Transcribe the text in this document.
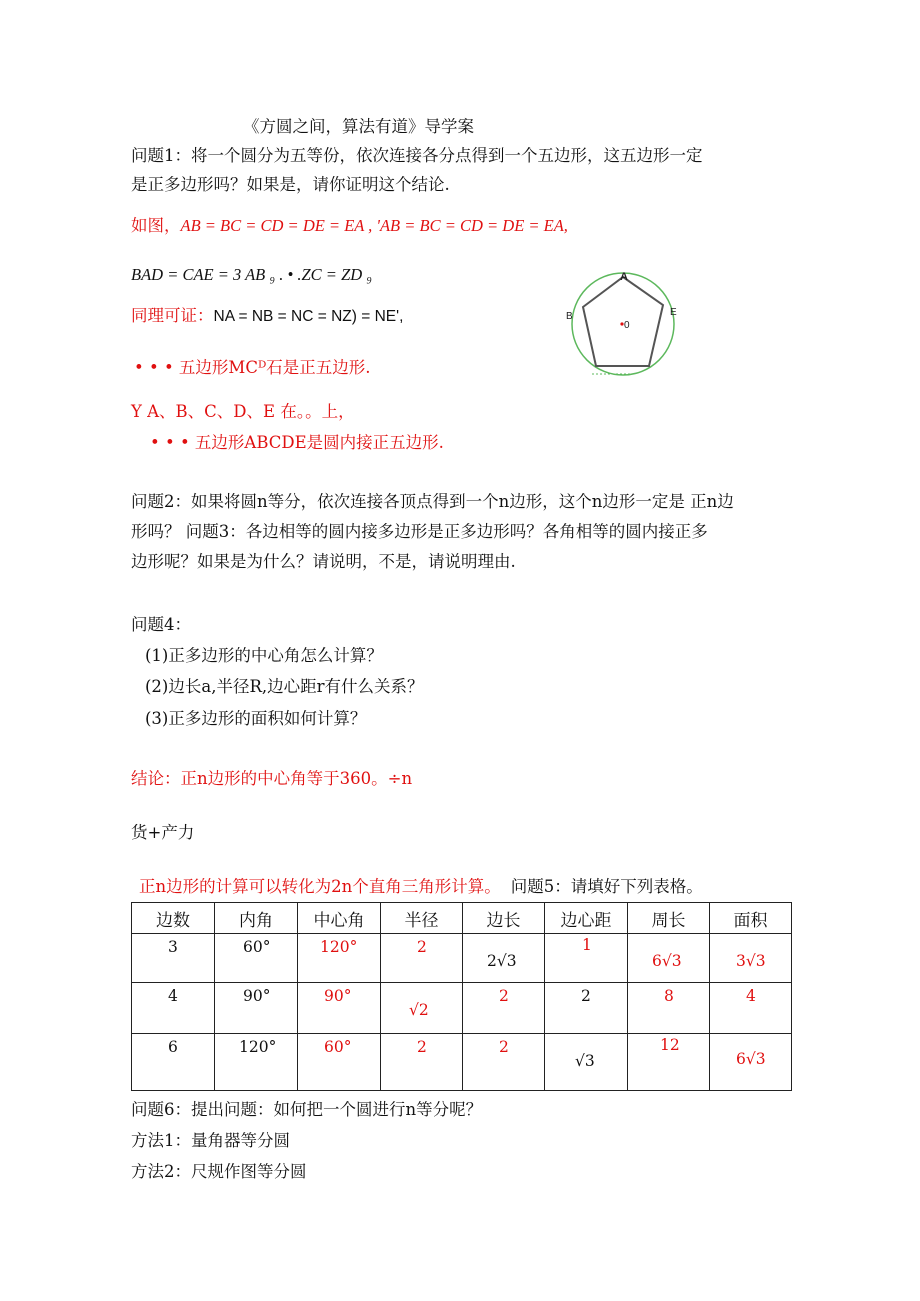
《方圆之间，算法有道》导学案
问题1：将一个圆分为五等份，依次连接各分点得到一个五边形，这五边形一定
是正多边形吗？如果是，请你证明这个结论.
如图，AB = BC = CD = DE = EA , 'AB = BC = CD = DE = EA,
BAD = CAE = 3 AB ₉ . • .ZC = ZD ₉
同理可证：NA = NB = NC = NZ) = NE',
• • • 五边形MCᴰ石是正五边形.
Y A、B、C、D、E 在。。上，
• • • 五边形ABCDE是圆内接正五边形.
A
B	E
0
问题2：如果将圆n等分，依次连接各顶点得到一个n边形，这个n边形一定是 正n边
形吗？ 问题3：各边相等的圆内接多边形是正多边形吗？各角相等的圆内接正多
边形呢？如果是为什么？请说明，不是，请说明理由.
问题4：
(1)正多边形的中心角怎么计算？
(2)边长a,半径R,边心距r有什么关系？
(3)正多边形的面积如何计算？
结论：正n边形的中心角等于360。÷n
货+产力
正n边形的计算可以转化为2n个直角三角形计算。 问题5：请填好下列表格。
边数	内角	中心角	半径	边长	边心距	周长	面积

3	60°	120°	2	2√3	1	6√3	3√3

4	90°	90°	√2	2	2	8	4

6	120°	60°	2	2	√3	12	6√3
问题6：提出问题：如何把一个圆进行n等分呢？
方法1：量角器等分圆
方法2：尺规作图等分圆
